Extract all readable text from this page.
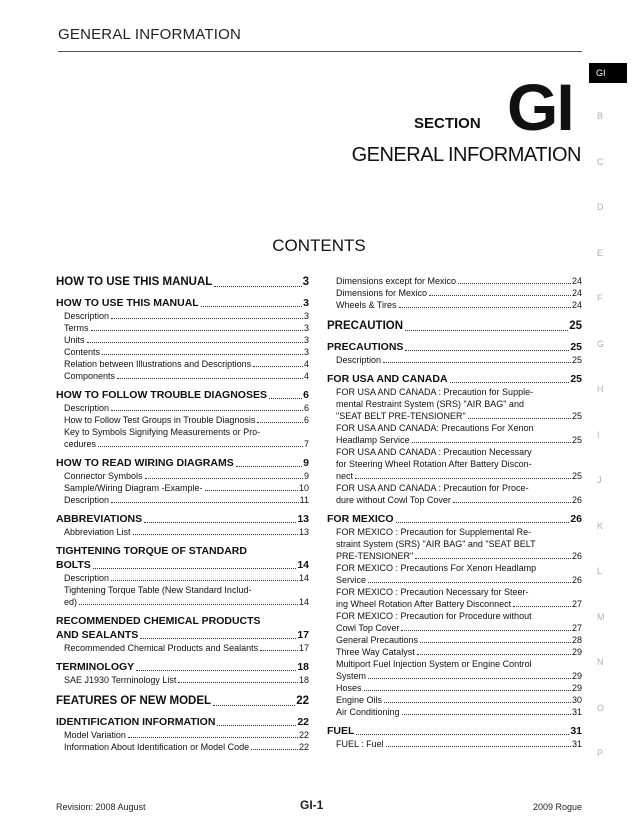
GENERAL INFORMATION
GI
B
C
D
E
F
G
H
I
J
K
L
M
N
O
P
SECTION GI
GENERAL INFORMATION
CONTENTS
HOW TO USE THIS MANUAL	3
HOW TO USE THIS MANUAL	3
Description	3
Terms	3
Units	3
Contents	3
Relation between Illustrations and Descriptions	4
Components	4
HOW TO FOLLOW TROUBLE DIAGNOSES	6
Description	6
How to Follow Test Groups in Trouble Diagnosis	6
Key to Symbols Signifying Measurements or Pro-
cedures	7
HOW TO READ WIRING DIAGRAMS	9
Connector Symbols	9
Sample/Wiring Diagram -Example-	10
Description	11
ABBREVIATIONS	13
Abbreviation List	13
TIGHTENING TORQUE OF STANDARD
BOLTS	14
Description	14
Tightening Torque Table (New Standard Includ-
ed)	14
RECOMMENDED CHEMICAL PRODUCTS
AND SEALANTS	17
Recommended Chemical Products and Sealants	17
TERMINOLOGY	18
SAE J1930 Terminology List	18
FEATURES OF NEW MODEL	22
IDENTIFICATION INFORMATION	22
Model Variation	22
Information About Identification or Model Code	22
Dimensions except for Mexico	24
Dimensions for Mexico	24
Wheels & Tires	24
PRECAUTION	25
PRECAUTIONS	25
Description	25
FOR USA AND CANADA	25
FOR USA AND CANADA : Precaution for Supple-
mental Restraint System (SRS) "AIR BAG" and
"SEAT BELT PRE-TENSIONER"	25
FOR USA AND CANADA: Precautions For Xenon
Headlamp Service	25
FOR USA AND CANADA : Precaution Necessary
for Steering Wheel Rotation After Battery Discon-
nect	25
FOR USA AND CANADA : Precaution for Proce-
dure without Cowl Top Cover	26
FOR MEXICO	26
FOR MEXICO : Precaution for Supplemental Re-
straint System (SRS) "AIR BAG" and "SEAT BELT
PRE-TENSIONER"	26
FOR MEXICO : Precautions For Xenon Headlamp
Service	26
FOR MEXICO : Precaution Necessary for Steer-
ing Wheel Rotation After Battery Disconnect	27
FOR MEXICO : Precaution for Procedure without
Cowl Top Cover	27
General Precautions	28
Three Way Catalyst	29
Multiport Fuel Injection System or Engine Control
System	29
Hoses	29
Engine Oils	30
Air Conditioning	31
FUEL	31
FUEL : Fuel	31
Revision: 2008 August	GI-1	2009 Rogue
